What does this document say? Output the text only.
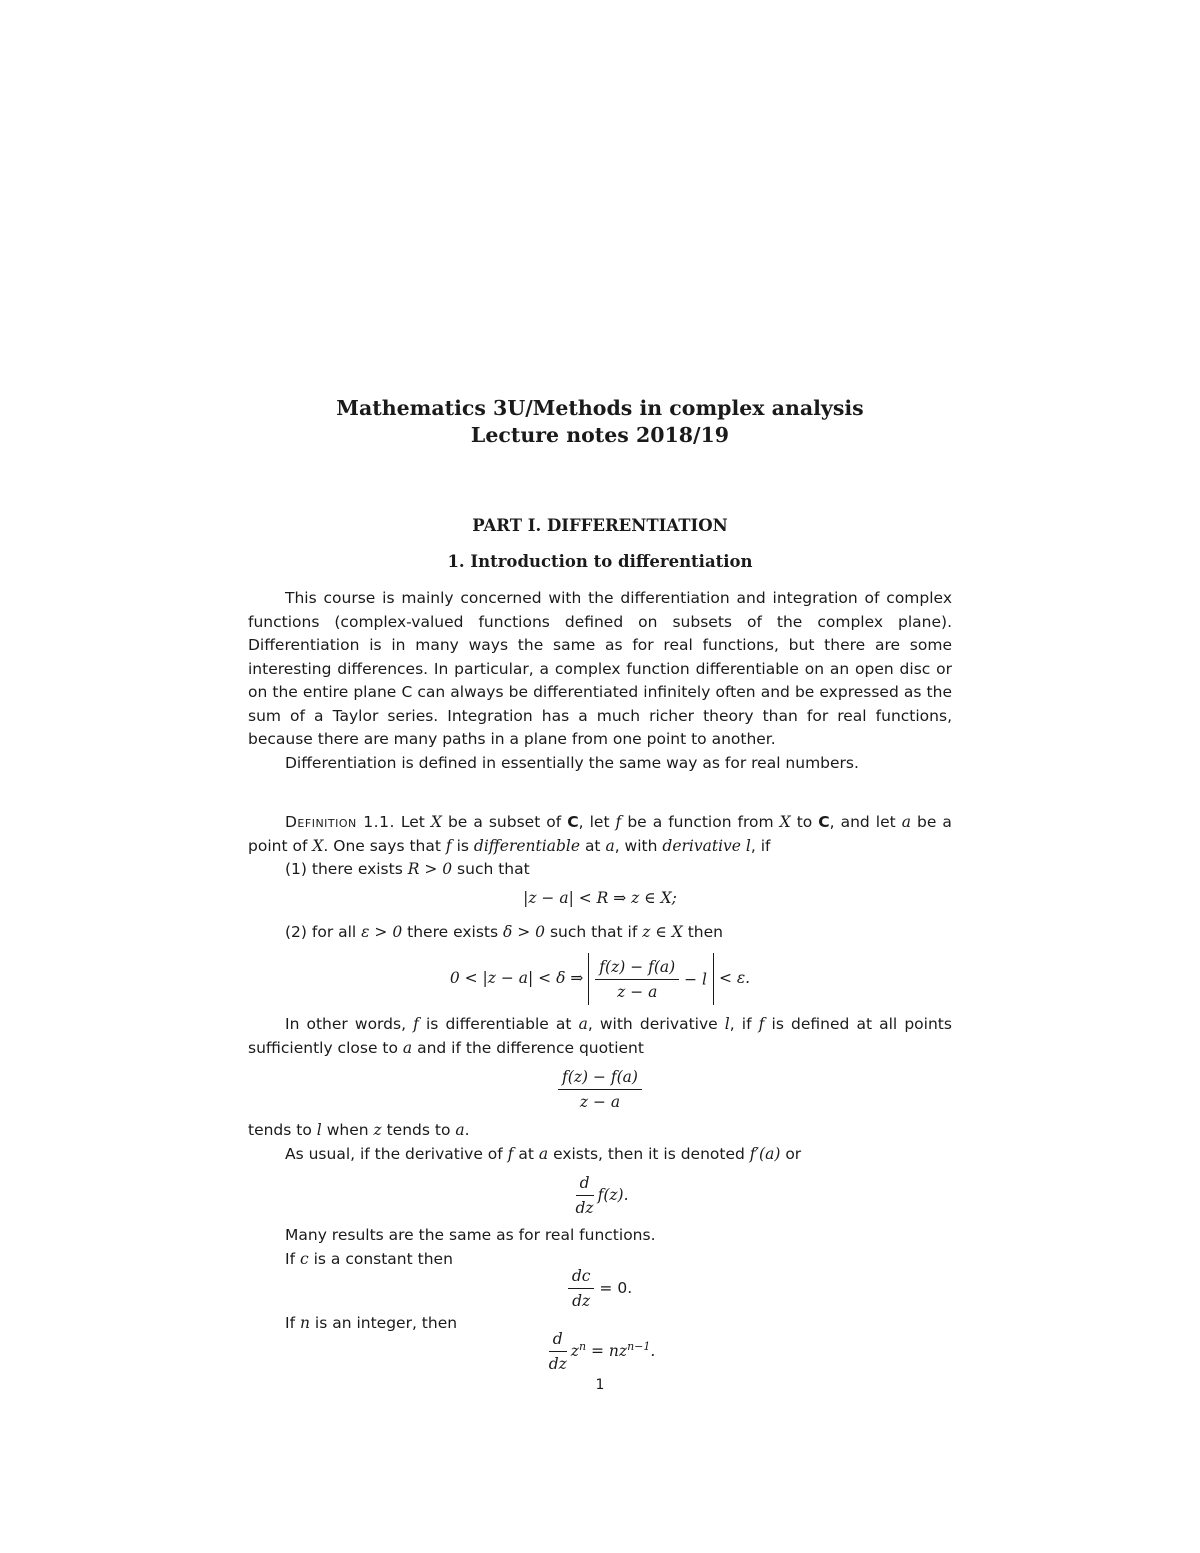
Mathematics 3U/Methods in complex analysis
Lecture notes 2018/19
PART I. DIFFERENTIATION
1. Introduction to differentiation

This course is mainly concerned with the differentiation and integration of complex functions (complex-valued functions defined on subsets of the complex plane). Differentiation is in many ways the same as for real functions, but there are some interesting differences. In particular, a complex function differentiable on an open disc or on the entire plane C can always be differentiated infinitely often and be expressed as the sum of a Taylor series. Integration has a much richer theory than for real functions, because there are many paths in a plane from one point to another.

Differentiation is defined in essentially the same way as for real numbers.

Definition 1.1. Let X be a subset of C, let f be a function from X to C, and let a be a point of X. One says that f is differentiable at a, with derivative l, if

(1) there exists R > 0 such that

|z − a| < R ⇒ z ∈ X;

(2) for all ε > 0 there exists δ > 0 such that if z ∈ X then

0 < |z − a| < δ ⇒ $\frac{f(z) - f(a)}{z - a} - l < \varepsilon$.

In other words, f is differentiable at a, with derivative l, if f is defined at all points sufficiently close to a and if the difference quotient

$\frac{f(z) - f(a)}{z - a}$

tends to l when z tends to a.

As usual, if the derivative of f at a exists, then it is denoted f′(a) or

$\frac{d}{dz} f(z)$.

Many results are the same as for real functions.

If c is a constant then

$\frac{dc}{dz} = 0$.

If n is an integer, then

$\frac{d}{dz} z^n = nz^{n-1}$.
1
